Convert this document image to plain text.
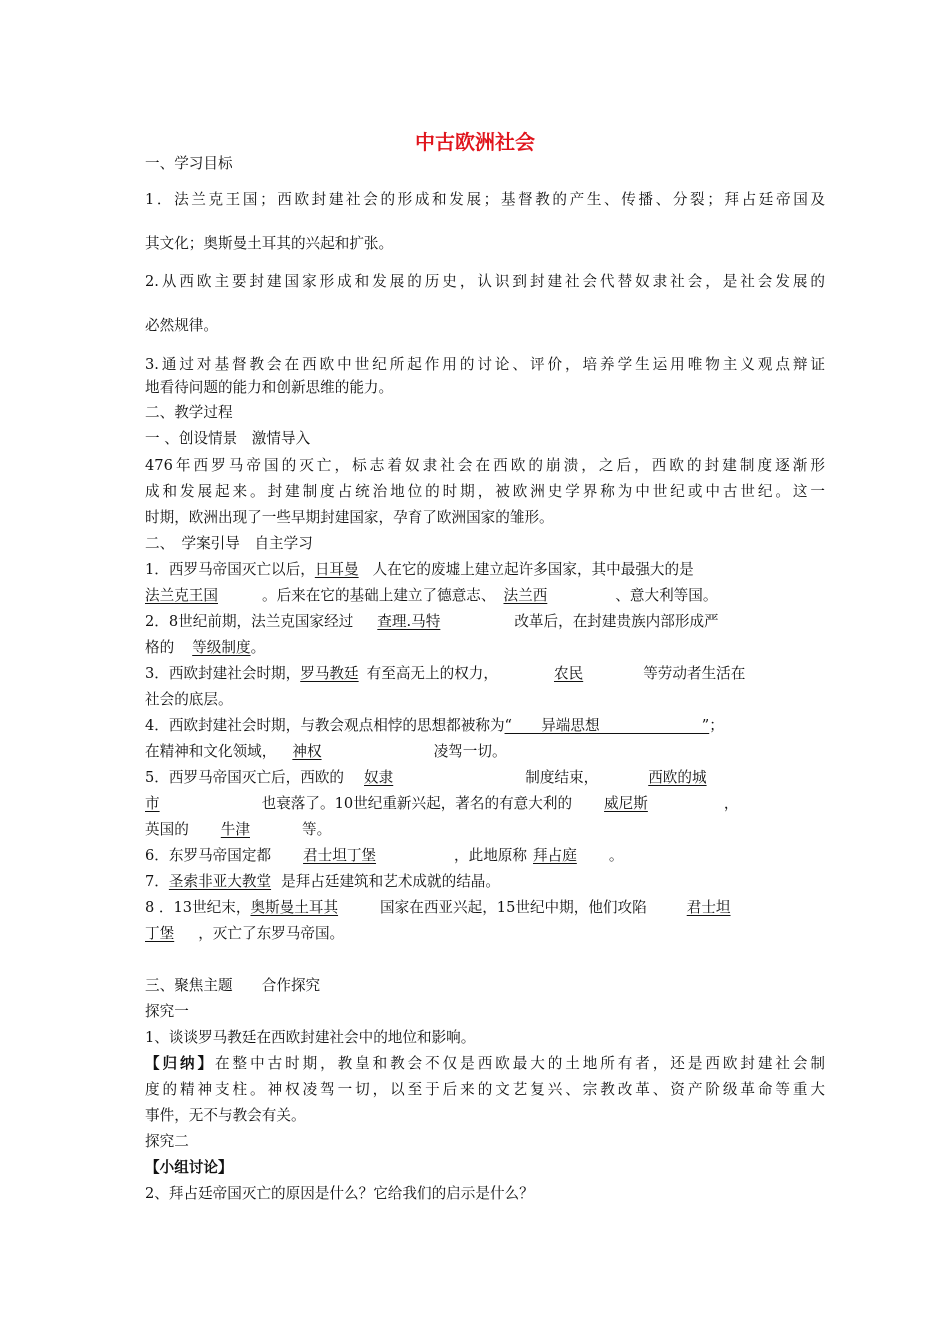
中古欧洲社会
一、学习目标
1．法兰克王国；西欧封建社会的形成和发展；基督教的产生、传播、分裂；拜占廷帝国及
其文化；奥斯曼土耳其的兴起和扩张。
2.从西欧主要封建国家形成和发展的历史，认识到封建社会代替奴隶社会，是社会发展的
必然规律。
3.通过对基督教会在西欧中世纪所起作用的讨论、评价，培养学生运用唯物主义观点辩证
地看待问题的能力和创新思维的能力。
二、教学过程
一 、创设情景　激情导入
476年西罗马帝国的灭亡，标志着奴隶社会在西欧的崩溃，之后，西欧的封建制度逐渐形
成和发展起来。封建制度占统治地位的时期，被欧洲史学界称为中世纪或中古世纪。这一
时期，欧洲出现了一些早期封建国家，孕育了欧洲国家的雏形。
二、　学案引导　自主学习
1．西罗马帝国灭亡以后，日耳曼 人在它的废墟上建立起许多国家，其中最强大的是
法兰克王国	。后来在它的基础上建立了德意志、 法兰西	、意大利等国。
2．8世纪前期，法兰克国家经过 查理.马特	改革后，在封建贵族内部形成严
格的 等级制度。
3．西欧封建社会时期，罗马教廷 有至高无上的权力，	农民	等劳动者生活在
社会的底层。
4．西欧封建社会时期，与教会观点相悖的思想都被称为“　　异端思想　　　　　　　”；
在精神和文化领域， 神权	凌驾一切。
5．西罗马帝国灭亡后，西欧的 奴隶	制度结束，	西欧的城
市	也衰落了。10世纪重新兴起，著名的有意大利的 威尼斯	，
英国的 牛津	等。
6．东罗马帝国定都 君士坦丁堡	，此地原称 拜占庭 。
7．圣索非亚大教堂 是拜占廷建筑和艺术成就的结晶。
8 ．13世纪末，奥斯曼土耳其	国家在西亚兴起，15世纪中期，他们攻陷	君士坦
丁堡 ，灭亡了东罗马帝国。
三、聚焦主题　　合作探究
探究一
1、谈谈罗马教廷在西欧封建社会中的地位和影响。
【归纳】在整中古时期，教皇和教会不仅是西欧最大的土地所有者，还是西欧封建社会制
度的精神支柱。神权凌驾一切，以至于后来的文艺复兴、宗教改革、资产阶级革命等重大
事件，无不与教会有关。
探究二
【小组讨论】
2、拜占廷帝国灭亡的原因是什么？它给我们的启示是什么？
